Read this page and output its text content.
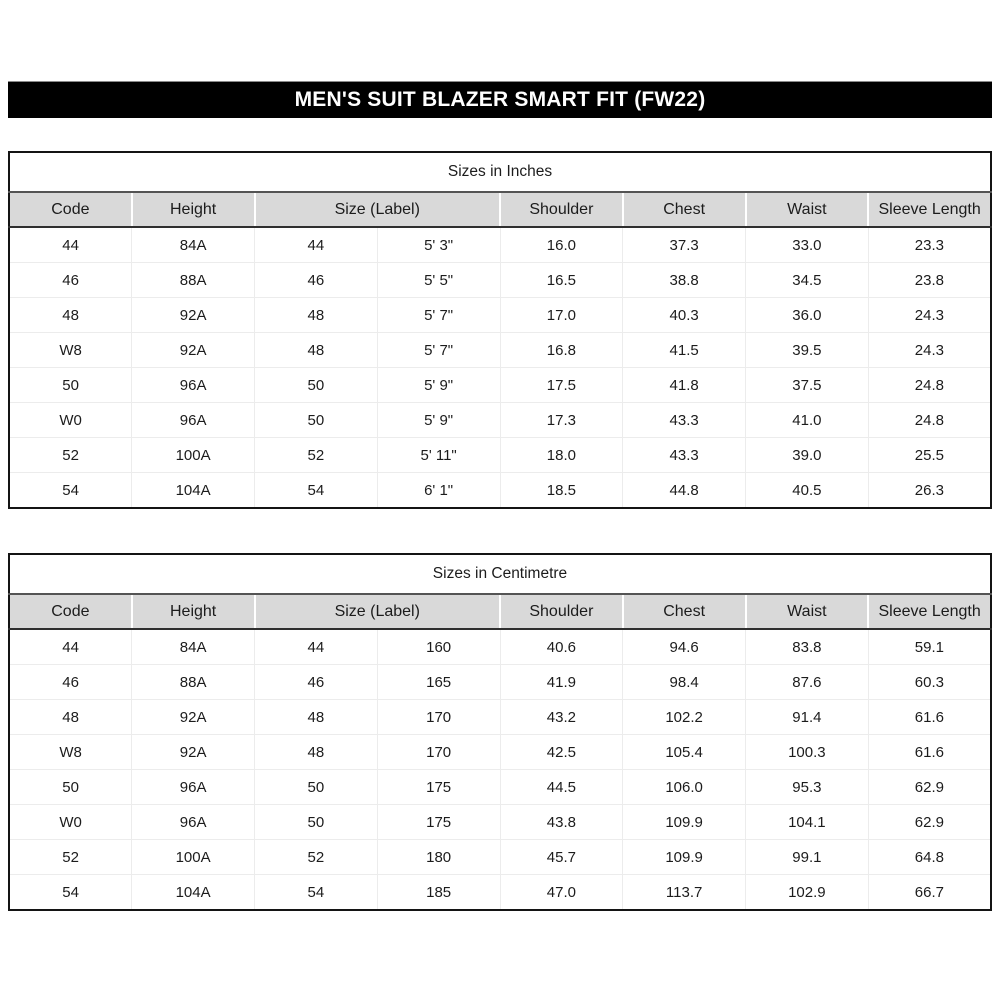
MEN'S SUIT BLAZER SMART FIT (FW22)
Sizes in Inches							
Code	Height	Size (Label)		Shoulder	Chest	Waist	Sleeve Length
44	84A	44	5' 3"	16.0	37.3	33.0	23.3
46	88A	46	5' 5"	16.5	38.8	34.5	23.8
48	92A	48	5' 7"	17.0	40.3	36.0	24.3
W8	92A	48	5' 7"	16.8	41.5	39.5	24.3
50	96A	50	5' 9"	17.5	41.8	37.5	24.8
W0	96A	50	5' 9"	17.3	43.3	41.0	24.8
52	100A	52	5' 11"	18.0	43.3	39.0	25.5
54	104A	54	6' 1"	18.5	44.8	40.5	26.3
Sizes in Centimetre							
Code	Height	Size (Label)		Shoulder	Chest	Waist	Sleeve Length
44	84A	44	160	40.6	94.6	83.8	59.1
46	88A	46	165	41.9	98.4	87.6	60.3
48	92A	48	170	43.2	102.2	91.4	61.6
W8	92A	48	170	42.5	105.4	100.3	61.6
50	96A	50	175	44.5	106.0	95.3	62.9
W0	96A	50	175	43.8	109.9	104.1	62.9
52	100A	52	180	45.7	109.9	99.1	64.8
54	104A	54	185	47.0	113.7	102.9	66.7
